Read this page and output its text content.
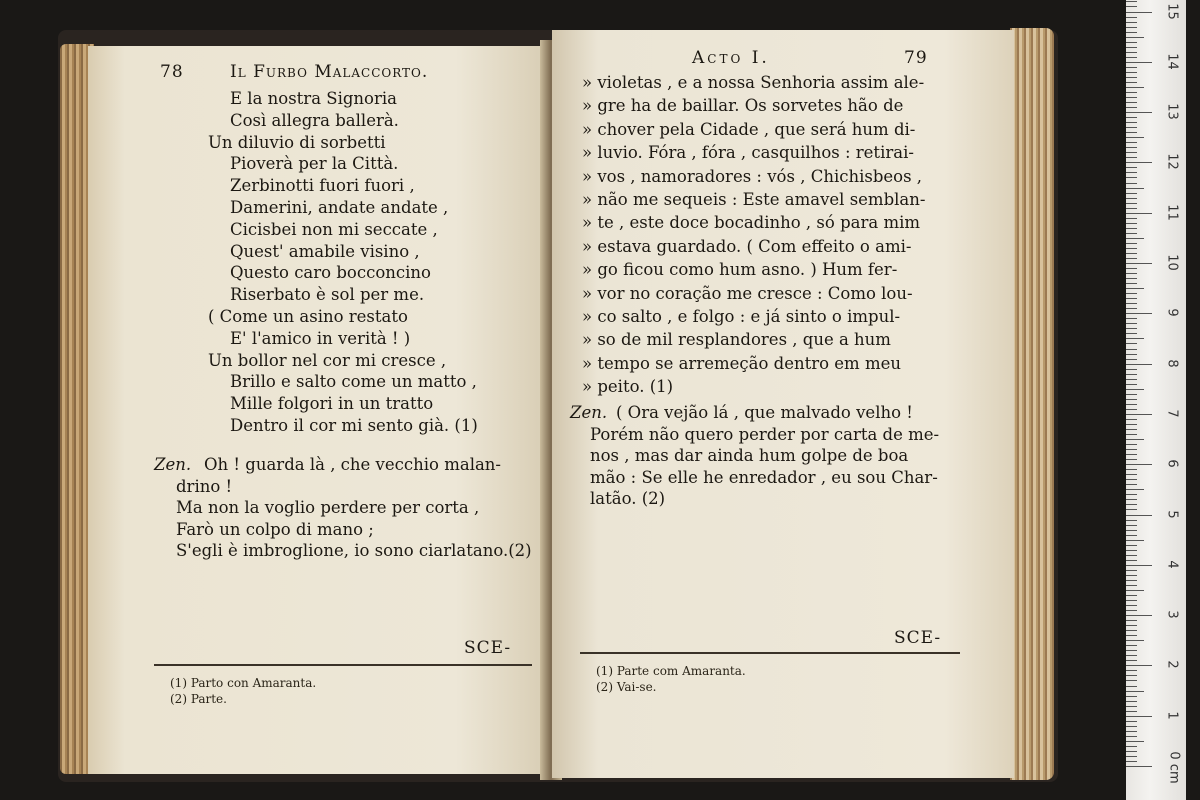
1
2
3
4
5
6
7
8
9
10
11
12
13
14
15
0 cm
78	Il Furbo Malaccorto.
E la nostra Signoria
Così allegra ballerà.
Un diluvio di sorbetti
Pioverà per la Città.
Zerbinotti fuori fuori ,
Damerini, andate andate ,
Cicisbei non mi seccate ,
Quest' amabile visino ,
Questo caro bocconcino
Riserbato è sol per me.
( Come un asino restato
E' l'amico in verità ! )
Un bollor nel cor mi cresce ,
Brillo e salto come un matto ,
Mille folgori in un tratto
Dentro il cor mi sento già. (1)
Zen. Oh ! guarda là , che vecchio malan-
drino !
Ma non la voglio perdere per corta ,
Farò un colpo di mano ;
S'egli è imbroglione, io sono ciarlatano.(2)
SCE-
(1) Parto con Amaranta.
(2) Parte.
Acto I.	79
» violetas , e a nossa Senhoria assim ale-
» gre ha de baillar. Os sorvetes hão de
» chover pela Cidade , que será hum di-
» luvio. Fóra , fóra , casquilhos : retirai-
» vos , namoradores : vós , Chichisbeos ,
» não me sequeis : Este amavel semblan-
» te , este doce bocadinho , só para mim
» estava guardado. ( Com effeito o ami-
» go ficou como hum asno. ) Hum fer-
» vor no coração me cresce : Como lou-
» co salto , e folgo : e já sinto o impul-
» so de mil resplandores , que a hum
» tempo se arremeção dentro em meu
» peito. (1)
Zen. ( Ora vejão lá , que malvado velho !
Porém não quero perder por carta de me-
nos , mas dar ainda hum golpe de boa
mão : Se elle he enredador , eu sou Char-
latão. (2)
SCE-
(1) Parte com Amaranta.
(2) Vai-se.
